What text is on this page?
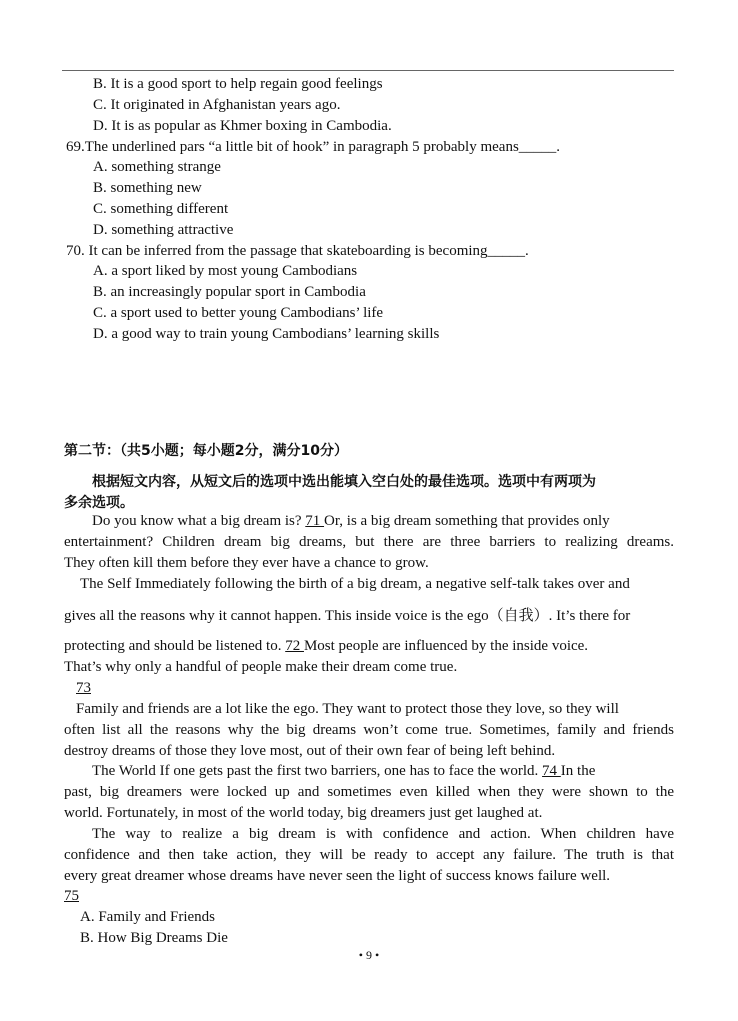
B. It is a good sport to help regain good feelings
C. It originated in Afghanistan years ago.
D. It is as popular as Khmer boxing in Cambodia.
69.The underlined pars “a little bit of hook” in paragraph 5 probably means_____.
A. something strange
B. something new
C. something different
D. something attractive
70. It can be inferred from the passage that skateboarding is becoming_____.
A. a sport liked by most young Cambodians
B. an increasingly popular sport in Cambodia
C. a sport used to better young Cambodians’ life
D. a good way to train young Cambodians’ learning skills
第二节：（共5小题；每小题2分，满分10分）
根据短文内容，从短文后的选项中选出能填入空白处的最佳选项。选项中有两项为
多余选项。
Do you know what a big dream is? 71 Or, is a big dream something that provides only
entertainment? Children dream big dreams, but there are three barriers to realizing dreams.
They often kill them before they ever have a chance to grow.
The Self Immediately following the birth of a big dream, a negative self-talk takes over and
gives all the reasons why it cannot happen. This inside voice is the ego（自我）. It’s there for
protecting and should be listened to. 72 Most people are influenced by the inside voice.
That’s why only a handful of people make their dream come true.
73
Family and friends are a lot like the ego. They want to protect those they love, so they will
often list all the reasons why the big dreams won’t come true. Sometimes, family and friends
destroy dreams of those they love most, out of their own fear of being left behind.
The World If one gets past the first two barriers, one has to face the world. 74 In the
past, big dreamers were locked up and sometimes even killed when they were shown to the
world. Fortunately, in most of the world today, big dreamers just get laughed at.
The way to realize a big dream is with confidence and action. When children have
confidence and then take action, they will be ready to accept any failure. The truth is that
every great dreamer whose dreams have never seen the light of success knows failure well.
75
A. Family and Friends
B. How Big Dreams Die
• 9 •
